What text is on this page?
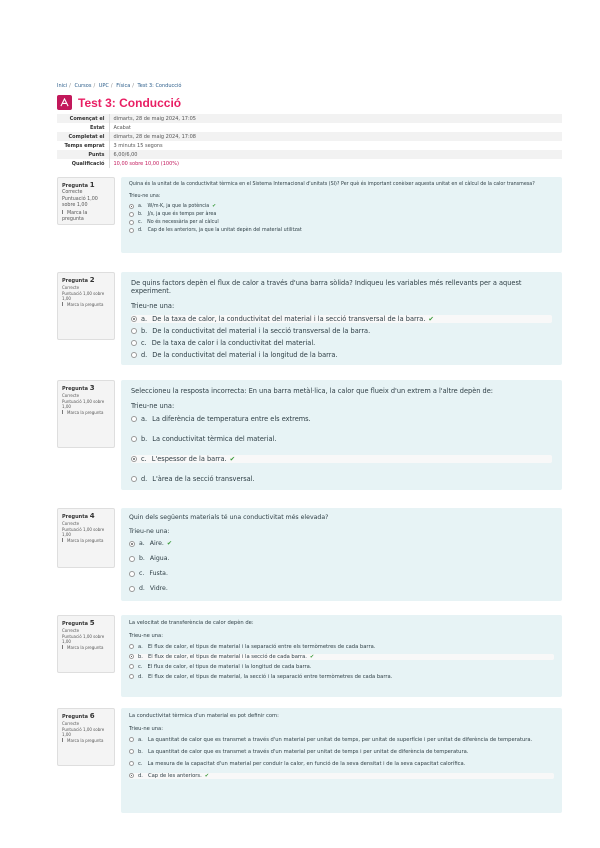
Inici / Cursos / UPC / Física / Test 3: Conducció
Test 3: Conducció
Començat el	dimarts, 28 de maig 2024, 17:05
Estat	Acabat
Completat el	dimarts, 28 de maig 2024, 17:08
Temps emprat	3 minuts 15 segons
Punts	6,00/6,00
Qualificació	10,00 sobre 10,00 (100%)
Pregunta 1
Correcte
Puntuació 1,00 sobre 1,00
Marca la pregunta
Quina és la unitat de la conductivitat tèrmica en el Sistema Internacional d'unitats (SI)? Per què és important conèixer aquesta unitat en el càlcul de la calor transmesa?
Trieu-ne una:
a. W/m·K, ja que la potència ✔
b. J/s, ja que és temps per àrea
c. No és necessària per al càlcul
d. Cap de les anteriors, ja que la unitat depèn del material utilitzat
Pregunta 2
Correcte
Puntuació 1,00 sobre 1,00
Marca la pregunta
De quins factors depèn el flux de calor a través d'una barra sòlida? Indiqueu les variables més rellevants per a aquest experiment.
Trieu-ne una:
a. De la taxa de calor, la conductivitat del material i la secció transversal de la barra. ✔
b. De la conductivitat del material i la secció transversal de la barra.
c. De la taxa de calor i la conductivitat del material.
d. De la conductivitat del material i la longitud de la barra.
Pregunta 3
Correcte
Puntuació 1,00 sobre 1,00
Marca la pregunta
Seleccioneu la resposta incorrecta: En una barra metàl·lica, la calor que flueix d'un extrem a l'altre depèn de:
Trieu-ne una:
a. La diferència de temperatura entre els extrems.
b. La conductivitat tèrmica del material.
c. L'espessor de la barra. ✔
d. L'àrea de la secció transversal.
Pregunta 4
Correcte
Puntuació 1,00 sobre 1,00
Marca la pregunta
Quin dels següents materials té una conductivitat més elevada?
Trieu-ne una:
a. Aire. ✔
b. Aigua.
c. Fusta.
d. Vidre.
Pregunta 5
Correcte
Puntuació 1,00 sobre 1,00
Marca la pregunta
La velocitat de transferència de calor depèn de:
Trieu-ne una:
a. El flux de calor, el tipus de material i la separació entre els termòmetres de cada barra.
b. El flux de calor, el tipus de material i la secció de cada barra. ✔
c. El flux de calor, el tipus de material i la longitud de cada barra.
d. El flux de calor, el tipus de material, la secció i la separació entre termòmetres de cada barra.
Pregunta 6
Correcte
Puntuació 1,00 sobre 1,00
Marca la pregunta
La conductivitat tèrmica d'un material es pot definir com:
Trieu-ne una:
a. La quantitat de calor que es transmet a través d'un material per unitat de temps, per unitat de superfície i per unitat de diferència de temperatura.
b. La quantitat de calor que es transmet a través d'un material per unitat de temps i per unitat de diferència de temperatura.
c. La mesura de la capacitat d'un material per conduir la calor, en funció de la seva densitat i de la seva capacitat calorífica.
d. Cap de les anteriors. ✔
